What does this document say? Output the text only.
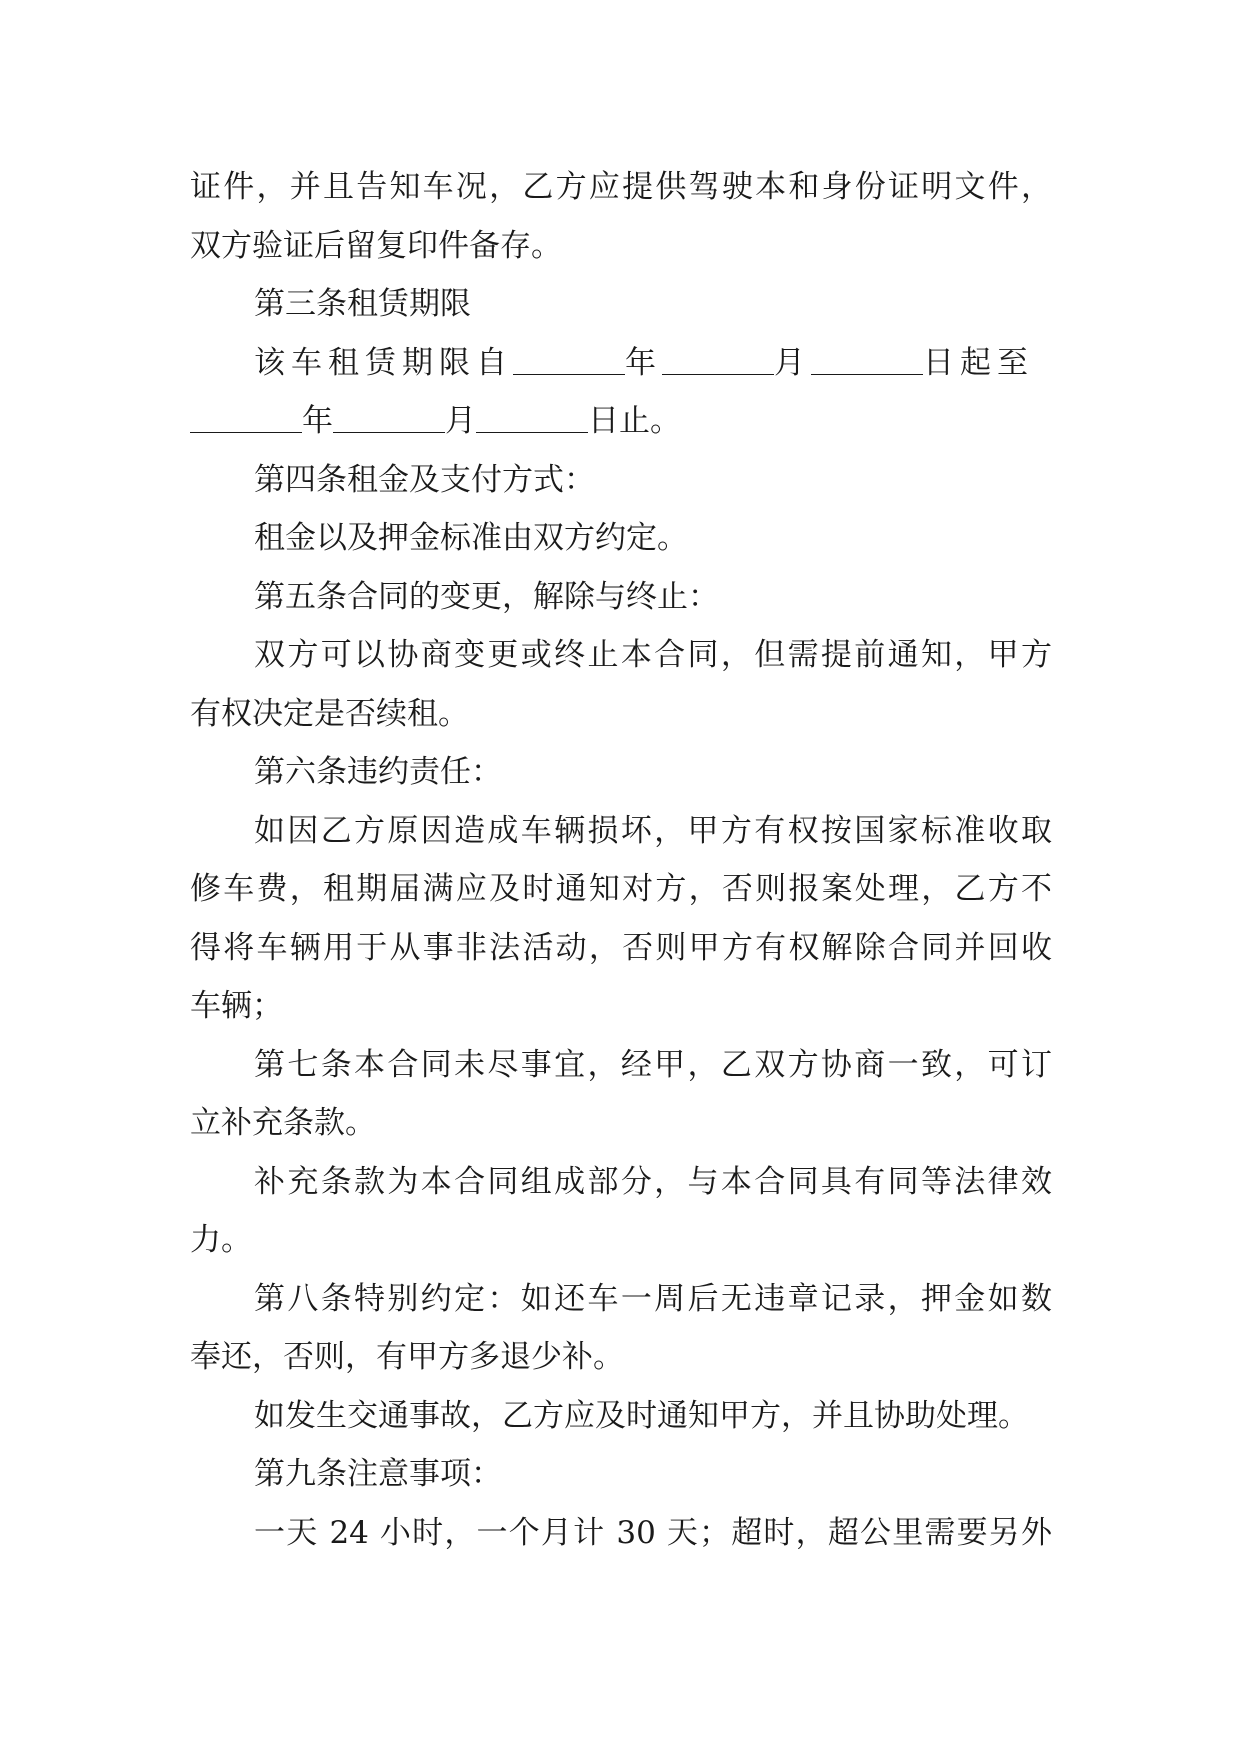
证件，并且告知车况，乙方应提供驾驶本和身份证明文件，
双方验证后留复印件备存。
第三条租赁期限
该车租赁期限自	年	月	日起至
年	月	日止。
第四条租金及支付方式：
租金以及押金标准由双方约定。
第五条合同的变更，解除与终止：
双方可以协商变更或终止本合同，但需提前通知，甲方
有权决定是否续租。
第六条违约责任：
如因乙方原因造成车辆损坏，甲方有权按国家标准收取
修车费，租期届满应及时通知对方，否则报案处理，乙方不
得将车辆用于从事非法活动，否则甲方有权解除合同并回收
车辆；
第七条本合同未尽事宜，经甲，乙双方协商一致，可订
立补充条款。
补充条款为本合同组成部分，与本合同具有同等法律效
力。
第八条特别约定：如还车一周后无违章记录，押金如数
奉还，否则，有甲方多退少补。
如发生交通事故，乙方应及时通知甲方，并且协助处理。
第九条注意事项：
一天 24 小时，一个月计 30 天；超时，超公里需要另外
